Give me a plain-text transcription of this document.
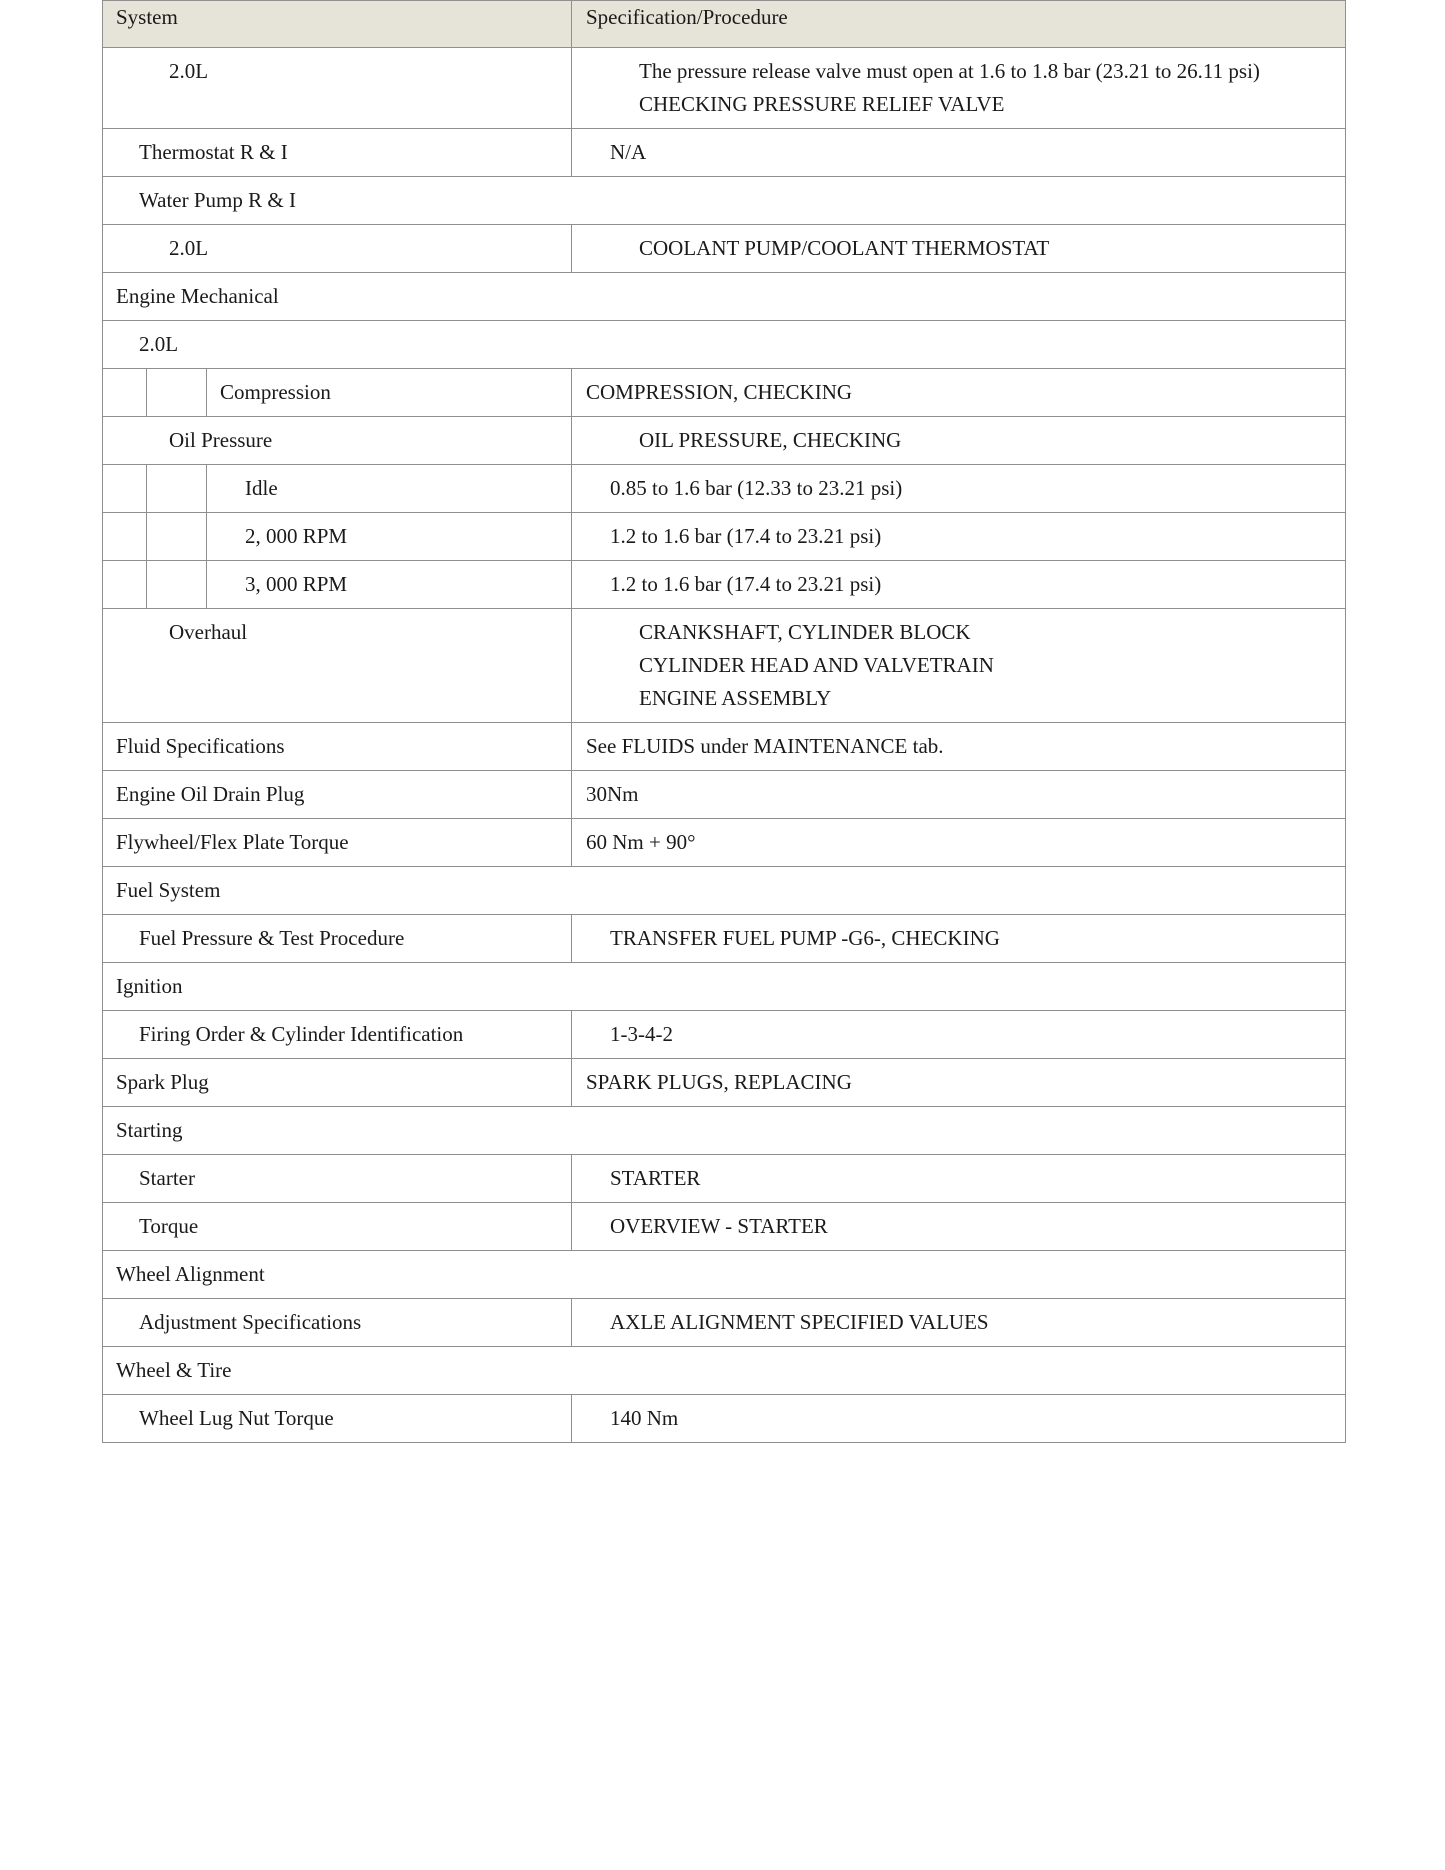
System			Specification/Procedure

2.0L			The pressure release valve must open at 1.6 to 1.8 bar (23.21 to 26.11 psi)
CHECKING PRESSURE RELIEF VALVE

Thermostat R & I			N/A

Water Pump R & I			

2.0L			COOLANT PUMP/COOLANT THERMOSTAT

Engine Mechanical			

2.0L			

		Compression	COMPRESSION, CHECKING

Oil Pressure			OIL PRESSURE, CHECKING

		Idle	0.85 to 1.6 bar (12.33 to 23.21 psi)

		2, 000 RPM	1.2 to 1.6 bar (17.4 to 23.21 psi)

		3, 000 RPM	1.2 to 1.6 bar (17.4 to 23.21 psi)

Overhaul			CRANKSHAFT, CYLINDER BLOCK
CYLINDER HEAD AND VALVETRAIN
ENGINE ASSEMBLY

Fluid Specifications			See FLUIDS under MAINTENANCE tab.

Engine Oil Drain Plug			30Nm

Flywheel/Flex Plate Torque			60 Nm + 90°

Fuel System			

Fuel Pressure & Test Procedure			TRANSFER FUEL PUMP -G6-, CHECKING

Ignition			

Firing Order & Cylinder Identification			1-3-4-2

Spark Plug			SPARK PLUGS, REPLACING

Starting			

Starter			STARTER

Torque			OVERVIEW - STARTER

Wheel Alignment			

Adjustment Specifications			AXLE ALIGNMENT SPECIFIED VALUES

Wheel & Tire			

Wheel Lug Nut Torque			140 Nm
